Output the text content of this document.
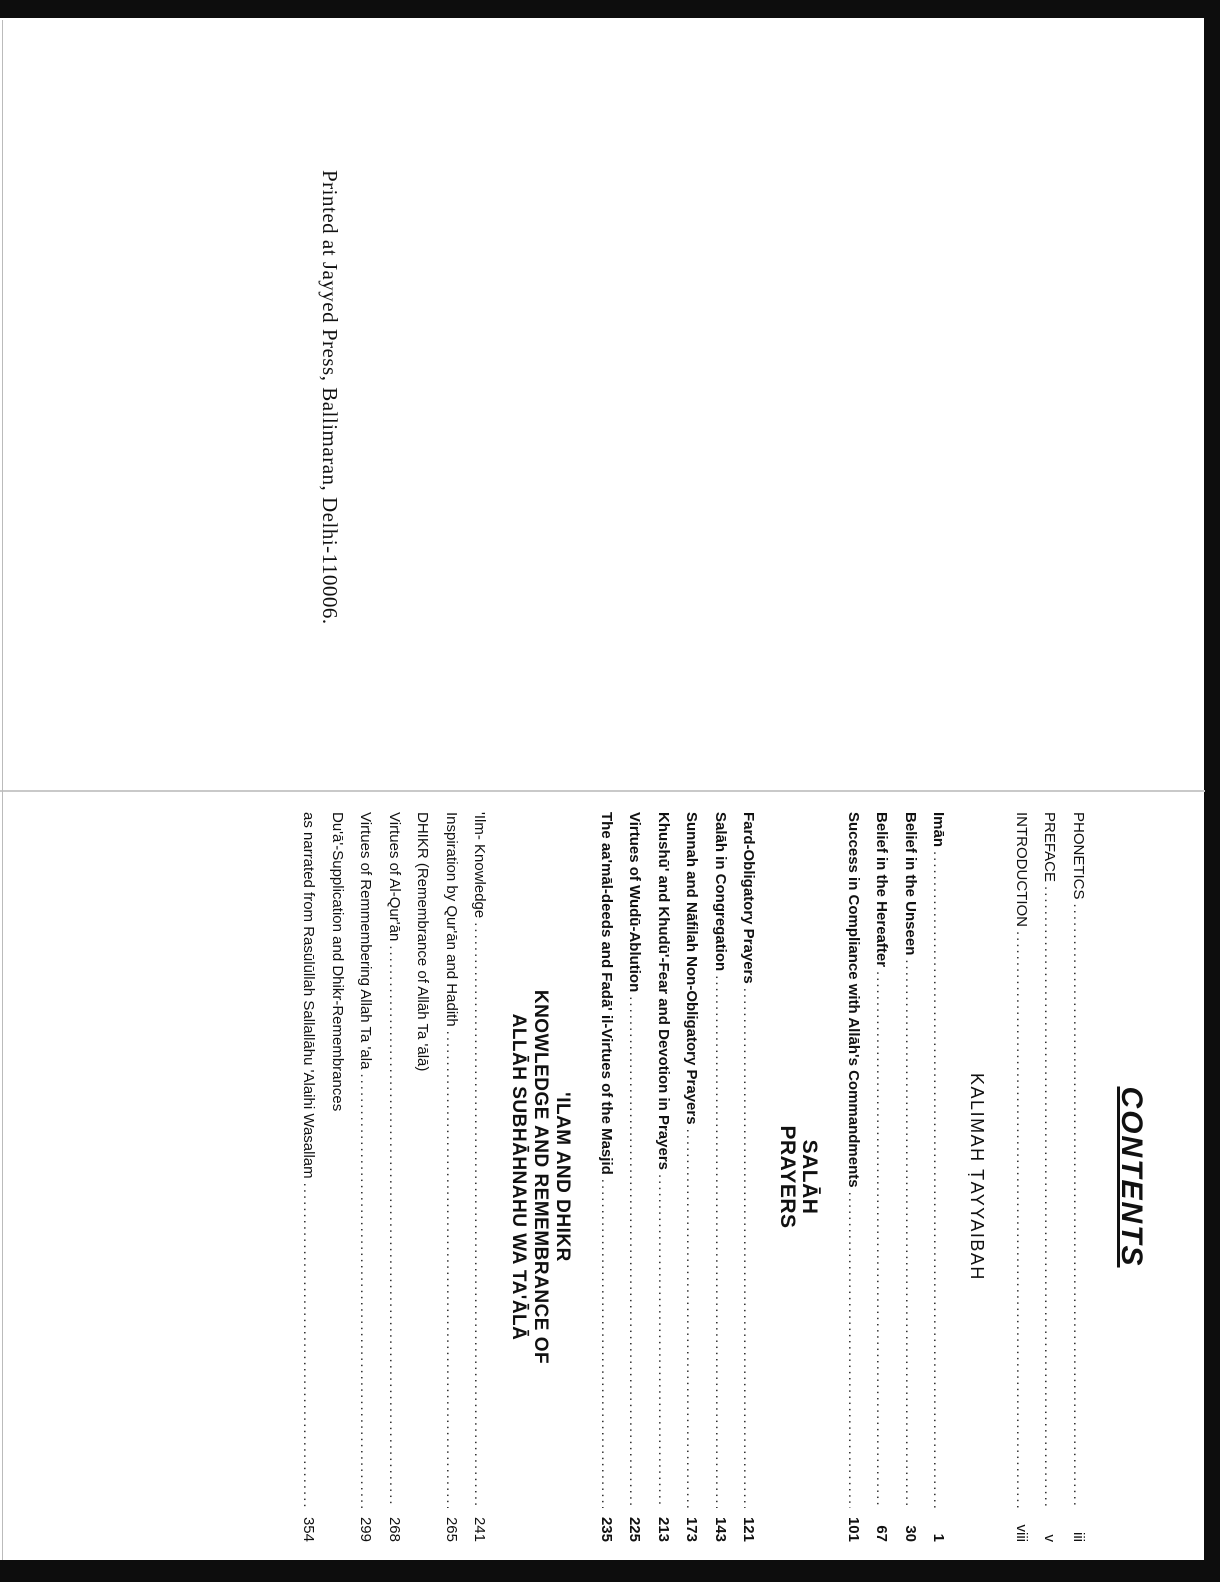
Printed at Jayyed Press, Ballimaran, Delhi-110006.
CONTENTS
PHONETICS
.....
iii
PREFACE
.....
v
INTRODUCTION
.....
viii
KALIMAH ṬAYYAIBAH
Imān
.....
1
Belief in the Unseen
.....
30
Belief in the Hereafter
.....
67
Success in Compliance with Allāh's Commandments
.....
101
SALĀH
PRAYERS
Fard-Obligatory Prayers
.....
121
Salāh in Congregation
.....
143
Sunnah and Nāfilah Non-Obligatory Prayers
.....
173
Khushū' and Khudū'-Fear and Devotion in Prayers
.....
213
Virtues of Wudū-Ablution
.....
225
The aa'māl-deeds and Fadā' il-Virtues of the Masjid
.....
235
'ILAM AND DHIKR
KNOWLEDGE AND REMEMBRANCE OF
ALLĀH SUBHĀHNAHU WA TA'ĀLĀ
'Ilm- Knowledge
.....
241
Inspiration by Qur'ān and Hadith
.....
265
DHIKR (Remembrance of Allāh Ta 'ālā)
Virtues of Al-Qur'ān
.....
268
Virtues of Remmembering Allah Ta 'ala
.....
299
Du'ā'-Supplication and Dhikr-Remembrances
as narrated from Rasūlūllah Sallallāhu 'Alaihi Wasallam
.....
354
